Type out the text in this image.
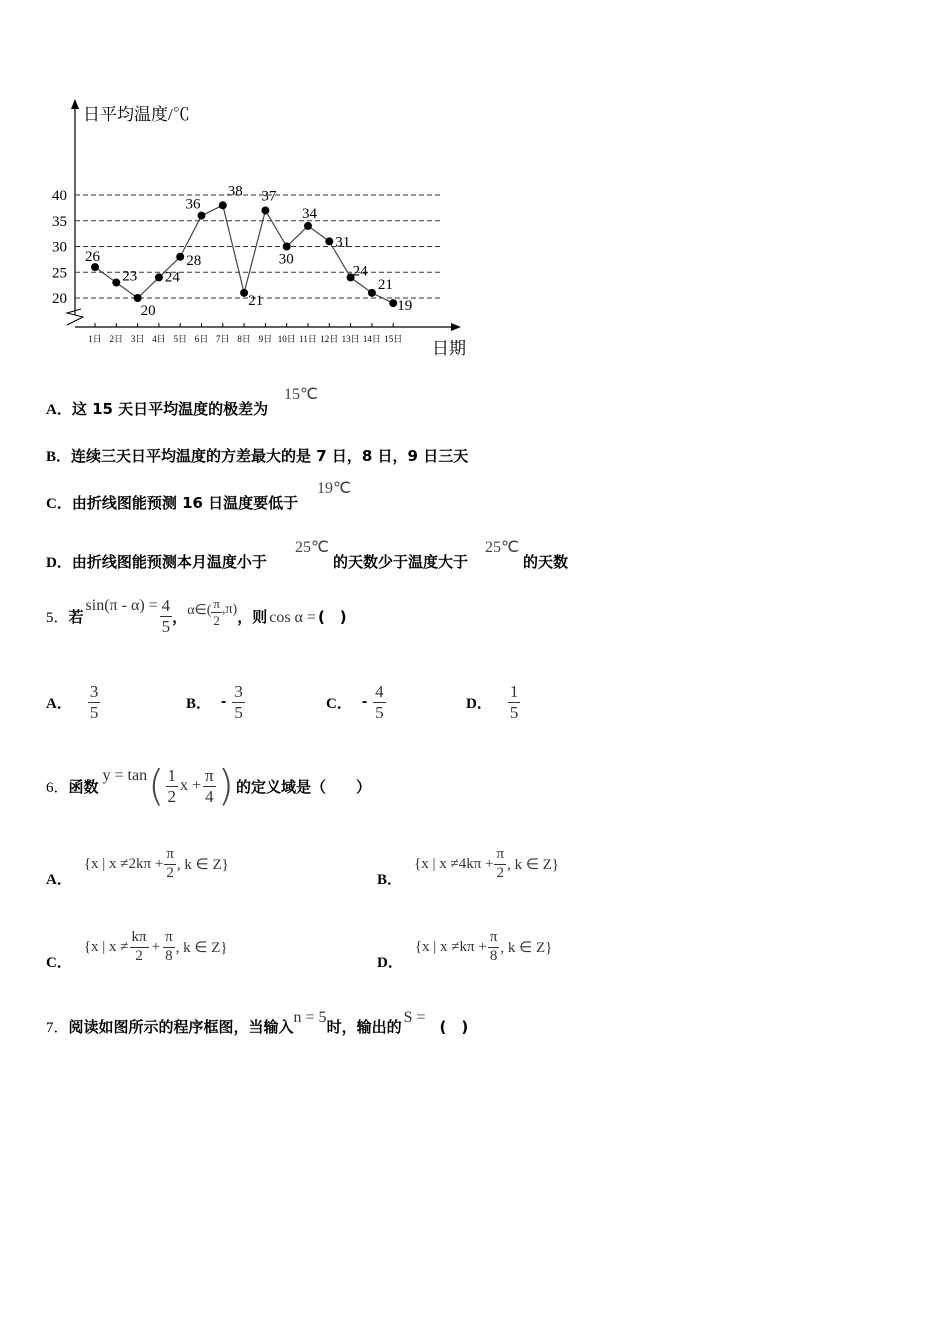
日平均温度/℃
日期
20
25
30
35
40
1日 2日 3日 4日 5日 6日 7日 8日 9日 10日 11日 12日 13日 14日 15日
26
23
20
24
28
36
38
21
37
30
34
31
24
21
19
A．这 15 天日平均温度的极差为
15℃
B．连续三天日平均温度的方差最大的是 7 日，8 日，9 日三天
C．由折线图能预测 16 日温度要低于
19℃
D．由折线图能预测本月温度小于
25℃
的天数少于温度大于
25℃
的天数
5． 若
$\sin(\pi - \alpha) = \frac{4}{5}$ ， α∈( $\frac{\pi}{2} ,\pi$) ，则 cos α = (　)
A． $\frac{3}{5}$	B． - $\frac{3}{5}$	C． - $\frac{4}{5}$	D． $\frac{1}{5}$
6． 函数
y = tan ( $\frac{1}{2}$ $x + \frac{\pi}{4}$ ) 的定义域是（　　）
A．
{x | $x \ne 2k\pi + \frac{\pi}{2}$ , k ∈ Z}
B．
{x | $x \ne 4k\pi + \frac{\pi}{2}$ , k ∈ Z}
C．
{x | $x \ne \frac{k\pi}{2} + \frac{\pi}{8}$ , k ∈ Z}
D．
{x | $x \ne k\pi + \frac{\pi}{8}$ , k ∈ Z}
7． 阅读如图所示的程序框图，当输入
n = 5
时，输出的
S =
(　)
